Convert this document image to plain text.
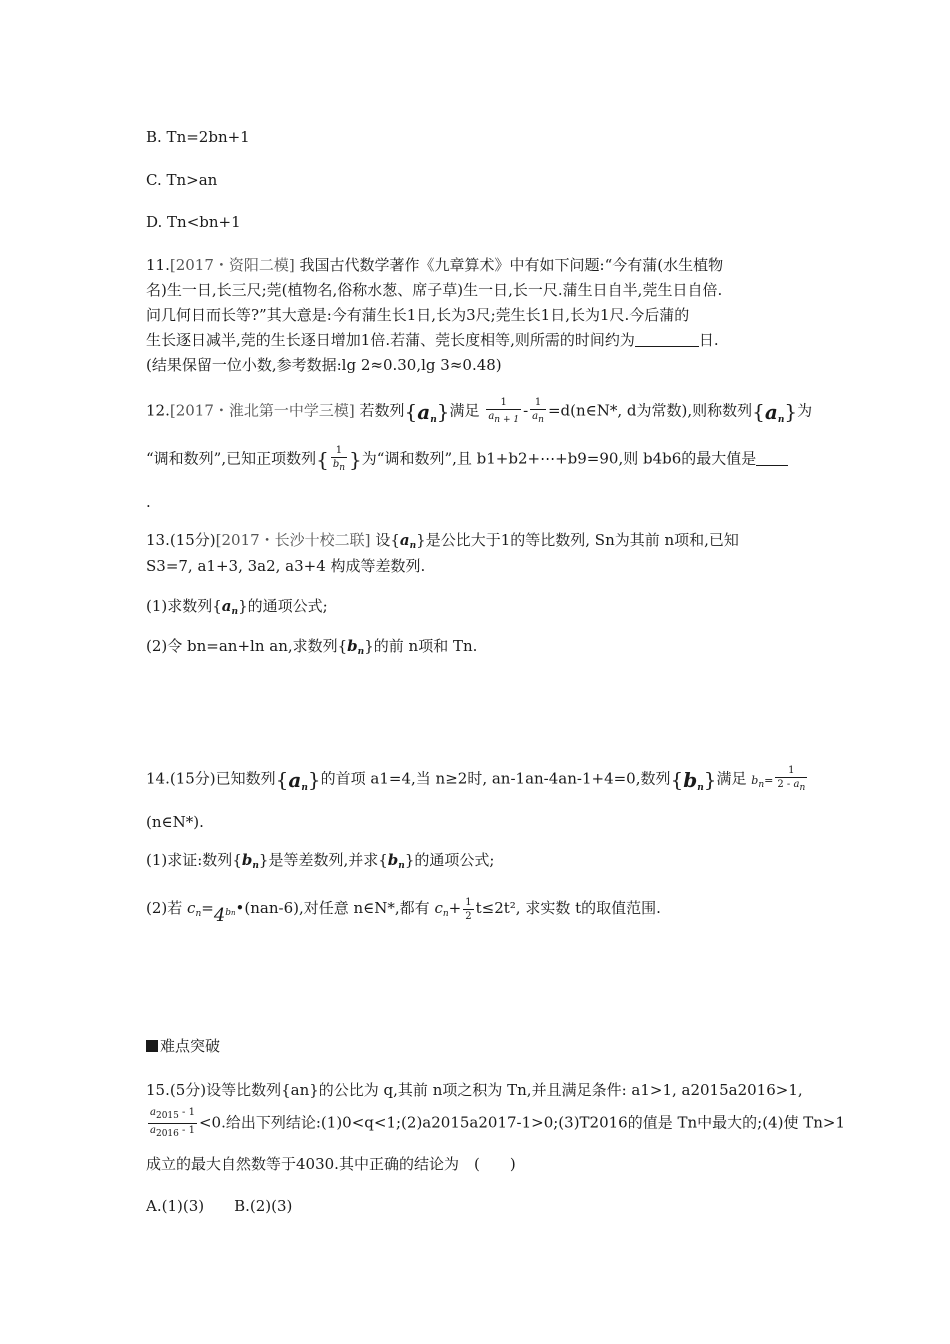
B. Tn=2bn+1
C. Tn>an
D. Tn<bn+1
11.[2017・资阳二模] 我国古代数学著作《九章算术》中有如下问题:“今有蒲(水生植物
名)生一日,长三尺;莞(植物名,俗称水葱、席子草)生一日,长一尺.蒲生日自半,莞生日自倍.
问几何日而长等?”其大意是:今有蒲生长1日,长为3尺;莞生长1日,长为1尺.今后蒲的
生长逐日减半,莞的生长逐日增加1倍.若蒲、莞长度相等,则所需的时间约为	日.
(结果保留一位小数,参考数据:lg 2≈0.30,lg 3≈0.48)
12.[2017・淮北第一中学三模] 若数列$\{a_n\}$满足 $\frac{1}{an + 1} - \frac{1}{an}$ =d(n∈N*, d为常数),则称数列$\{a_n\}$为
“调和数列”,已知正项数列{ $\frac{1}{bn}$ }为“调和数列”,且 b1+b2+⋯+b9=90,则 b4b6的最大值是
.
13.(15分)[2017・长沙十校二联] 设$\{a_n\}$是公比大于1的等比数列, Sn为其前 n项和,已知
S3=7, a1+3, 3a2, a3+4 构成等差数列.
(1)求数列$\{a_n\}$的通项公式;
(2)令 bn=an+ln an,求数列$\{b_n\}$的前 n项和 Tn.
14.(15分)已知数列$\{a_n\}$的首项 a1=4,当 n≥2时, an-1an-4an-1+4=0,数列$\{b_n\}$满足 $b_n= \frac{1}{2 - an}$
(n∈N*).
(1)求证:数列$\{b_n\}$是等差数列,并求$\{b_n\}$的通项公式;
(2)若 $c_n=4_{bn}•(nan-6)$,对任意 n∈N*,都有 $c_n+ \frac{1}{2} t\le 2t^2$, 求实数 t的取值范围.
难点突破
15.(5分)设等比数列{an}的公比为 q,其前 n项之积为 Tn,并且满足条件: a1>1, a2015a2016>1,
$\frac{a2015 - 1}{a2016 - 1} <0$.给出下列结论:(1)0<q<1;(2)a2015a2017-1>0;(3)T2016的值是 Tn中最大的;(4)使 Tn>1
成立的最大自然数等于4030.其中正确的结论为　 (　　)
A.(1)(3)　　B.(2)(3)
